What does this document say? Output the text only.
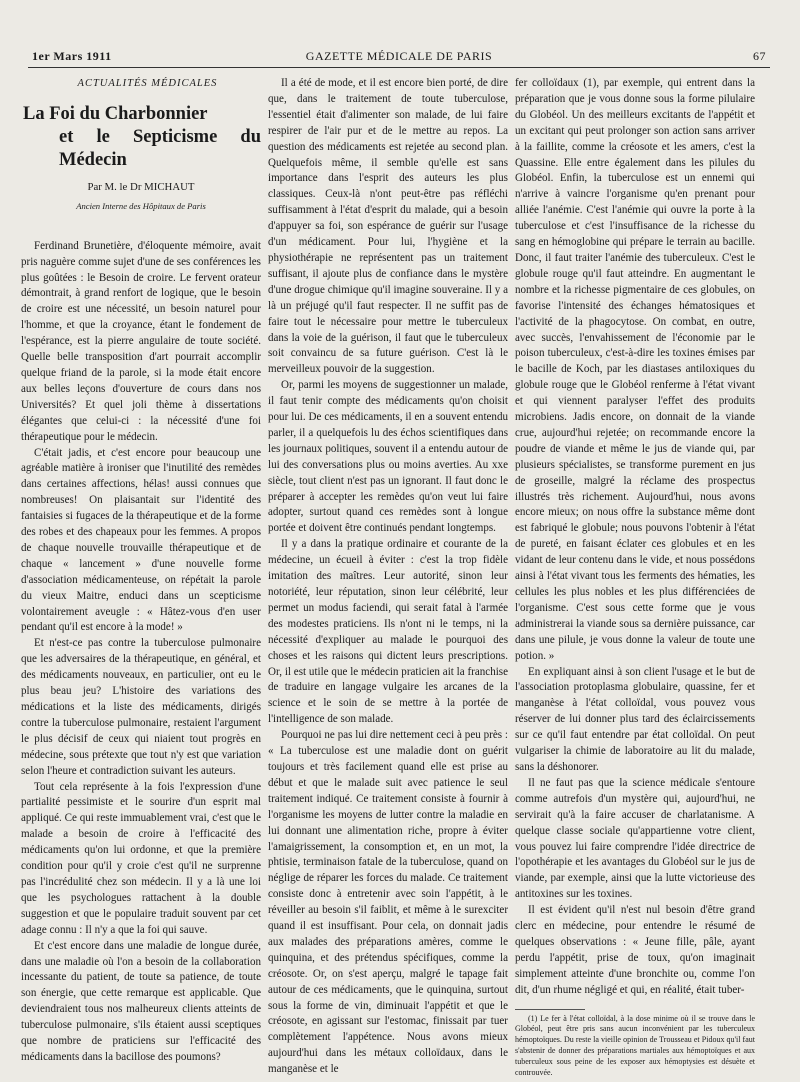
1er Mars 1911	GAZETTE MÉDICALE DE PARIS	67

ACTUALITÉS MÉDICALES

La Foi du Charbonnier
et le Septicisme du Médecin
Par M. le Dr MICHAUT
Ancien Interne des Hôpitaux de Paris

Ferdinand Brunetière, d'éloquente mémoire, avait pris naguère comme sujet d'une de ses conférences les plus goûtées : le Besoin de croire. Le fervent orateur démontrait, à grand renfort de logique, que le besoin de croire est une nécessité, un besoin naturel pour l'homme, et que la croyance, étant le fondement de l'espérance, est la pierre angulaire de toute société. Quelle belle transposition d'art pourrait accomplir quelque friand de la parole, si la mode était encore aux belles leçons d'ouverture de cours dans nos Universités? Et quel joli thème à dissertations élégantes que celui-ci : la nécessité d'une foi thérapeutique pour le médecin.

C'était jadis, et c'est encore pour beaucoup une agréable matière à ironiser que l'inutilité des remèdes dans certaines affections, hélas! aussi connues que nombreuses! On plaisantait sur l'identité des fantaisies si fugaces de la thérapeutique et de la forme des robes et des chapeaux pour les femmes. A propos de chaque nouvelle trouvaille thérapeutique et de chaque « lancement » d'une nouvelle forme d'association médicamenteuse, on répétait la parole du vieux Maitre, enduci dans un scepticisme volontairement aveugle : « Hâtez-vous d'en user pendant qu'il est encore à la mode! »

Et n'est-ce pas contre la tuberculose pulmonaire que les adversaires de la thérapeutique, en général, et des médicaments nouveaux, en particulier, ont eu le plus beau jeu? L'histoire des variations des médications et la liste des médicaments, dirigés contre la tuberculose pulmonaire, restaient l'argument le plus décisif de ceux qui niaient tout progrès en médecine, sous prétexte que tout n'y est que variation selon l'heure et contradiction suivant les auteurs.

Tout cela représente à la fois l'expression d'une partialité pessimiste et le sourire d'un esprit mal appliqué. Ce qui reste immuablement vrai, c'est que le malade a besoin de croire à l'efficacité des médicaments qu'on lui ordonne, et que la première condition pour qu'il y croie c'est qu'il ne surprenne pas l'incrédulité chez son médecin. Il y a là une loi que les psychologues rattachent à la double suggestion et que le populaire traduit souvent par cet adage connu : Il n'y a que la foi qui sauve.

Et c'est encore dans une maladie de longue durée, dans une maladie où l'on a besoin de la collaboration incessante du patient, de toute sa patience, de toute son énergie, que cette remarque est applicable. Que deviendraient tous nos malheureux clients atteints de tuberculose pulmonaire, s'ils étaient aussi sceptiques que nombre de praticiens sur l'efficacité des médicaments dans la bacillose des poumons?

Il a été de mode, et il est encore bien porté, de dire que, dans le traitement de toute tuberculose, l'essentiel était d'alimenter son malade, de lui faire respirer de l'air pur et de le mettre au repos. La question des médicaments est rejetée au second plan. Quelquefois même, il semble qu'elle est sans importance dans l'esprit des auteurs les plus classiques. Ceux-là n'ont peut-être pas réfléchi suffisamment à l'état d'esprit du malade, qui a besoin d'appuyer sa foi, son espérance de guérir sur l'usage d'un médicament. Pour lui, l'hygiène et la physiothérapie ne représentent pas un traitement suffisant, il ajoute plus de confiance dans le mystère d'une drogue chimique qu'il imagine souveraine. Il y a là un préjugé qu'il faut respecter. Il ne suffit pas de faire tout le nécessaire pour mettre le tuberculeux dans la voie de la guérison, il faut que le tuberculeux soit convaincu de sa future guérison. C'est là le merveilleux pouvoir de la suggestion.

Or, parmi les moyens de suggestionner un malade, il faut tenir compte des médicaments qu'on choisit pour lui. De ces médicaments, il en a souvent entendu parler, il a quelquefois lu des échos scientifiques dans les journaux politiques, souvent il a entendu autour de lui des conversations plus ou moins averties. Au xxe siècle, tout client n'est pas un ignorant. Il faut donc le préparer à accepter les remèdes qu'on veut lui faire adopter, surtout quand ces remèdes sont à longue portée et doivent être continués pendant longtemps.

Il y a dans la pratique ordinaire et courante de la médecine, un écueil à éviter : c'est la trop fidèle imitation des maîtres. Leur autorité, sinon leur notoriété, leur réputation, sinon leur célébrité, leur permet un modus faciendi, qui serait fatal à l'armée des modestes praticiens. Ils n'ont ni le temps, ni la nécessité d'expliquer au malade le pourquoi des choses et les raisons qui dictent leurs prescriptions. Or, il est utile que le médecin praticien ait la franchise de traduire en langage vulgaire les arcanes de la science et le soin de se mettre à la portée de l'intelligence de son malade.

Pourquoi ne pas lui dire nettement ceci à peu près : « La tuberculose est une maladie dont on guérit toujours et très facilement quand elle est prise au début et que le malade suit avec patience le seul traitement indiqué. Ce traitement consiste à fournir à l'organisme les moyens de lutter contre la maladie en lui donnant une alimentation riche, propre à éviter l'amaigrissement, la consomption et, en un mot, la phtisie, terminaison fatale de la tuberculose, quand on néglige de réparer les forces du malade. Ce traitement consiste donc à entretenir avec soin l'appétit, à le réveiller au besoin s'il faiblit, et même à le surexciter quand il est insuffisant. Pour cela, on donnait jadis aux malades des préparations amères, comme le quinquina, et des prétendus spécifiques, comme la créosote. Or, on s'est aperçu, malgré le tapage fait autour de ces médicaments, que le quinquina, surtout sous la forme de vin, diminuait l'appétit et que le créosote, en agissant sur l'estomac, finissait par tuer complètement l'appétence. Nous avons mieux aujourd'hui dans les métaux colloïdaux, dans le manganèse et le

fer colloïdaux (1), par exemple, qui entrent dans la préparation que je vous donne sous la forme pilulaire du Globéol. Un des meilleurs excitants de l'appétit et un excitant qui peut prolonger son action sans arriver à la faillite, comme la créosote et les amers, c'est la Quassine. Elle entre également dans les pilules du Globéol. Enfin, la tuberculose est un ennemi qui n'arrive à vaincre l'organisme qu'en prenant pour alliée l'anémie. C'est l'anémie qui ouvre la porte à la tuberculose et c'est l'insuffisance de la richesse du sang en hémoglobine qui prépare le terrain au bacille. Donc, il faut traiter l'anémie des tuberculeux. C'est le globule rouge qu'il faut atteindre. En augmentant le nombre et la richesse pigmentaire de ces globules, on favorise l'intensité des échanges hématosiques et l'activité de la phagocytose. On combat, en outre, avec succès, l'envahissement de l'économie par le poison tuberculeux, c'est-à-dire les toxines émises par le bacille de Koch, par les diastases antiloxiques du globule rouge que le Globéol renferme à l'état vivant et qui viennent paralyser l'effet des produits microbiens. Jadis encore, on donnait de la viande crue, aujourd'hui rejetée; on recommande encore la poudre de viande et même le jus de viande qui, par plusieurs spécialistes, se transforme purement en jus de groseille, malgré la réclame des prospectus illustrés très richement. Aujourd'hui, nous avons encore mieux; on nous offre la substance même dont est fabriqué le globule; nous pouvons l'obtenir à l'état de pureté, en faisant éclater ces globules et en les vidant de leur contenu dans le vide, et nous possédons ainsi à l'état vivant tous les ferments des hématies, les cellules les plus nobles et les plus différenciées de l'organisme. C'est sous cette forme que je vous administrerai la viande sous sa dernière puissance, car dans une pilule, je vous donne la valeur de toute une potion. »

En expliquant ainsi à son client l'usage et le but de l'association protoplasma globulaire, quassine, fer et manganèse à l'état colloïdal, vous pouvez vous réserver de lui donner plus tard des éclaircissements sur ce qu'il faut entendre par état colloïdal. On peut vulgariser la chimie de laboratoire au lit du malade, sans la déshonorer.

Il ne faut pas que la science médicale s'entoure comme autrefois d'un mystère qui, aujourd'hui, ne servirait qu'à la faire accuser de charlatanisme. A quelque classe sociale qu'appartienne votre client, vous pouvez lui faire comprendre l'idée directrice de l'opothérapie et les avantages du Globéol sur le jus de viande, par exemple, ainsi que la lutte victorieuse des antitoxines sur les toxines.

Il est évident qu'il n'est nul besoin d'être grand clerc en médecine, pour entendre le résumé de quelques observations : « Jeune fille, pâle, ayant perdu l'appétit, prise de toux, qu'on imaginait simplement atteinte d'une bronchite ou, comme l'on dit, d'un rhume négligé et qui, en réalité, était tuber-

(1) Le fer à l'état colloïdal, à la dose minime où il se trouve dans le Globéol, peut être pris sans aucun inconvénient par les tuberculeux hémoptoïques. Du reste la vieille opinion de Trousseau et Pidoux qu'il faut s'abstenir de donner des préparations martiales aux hémoptoïques et aux tuberculeux sous peine de les exposer aux hémoptysies est désuète et controuvée.
